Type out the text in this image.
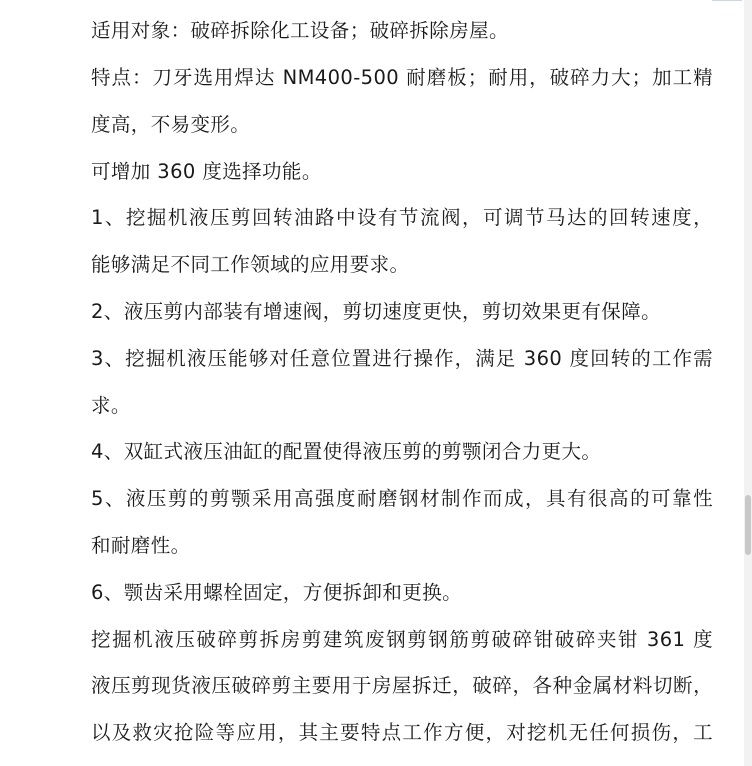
适用对象：破碎拆除化工设备；破碎拆除房屋。
特点：刀牙选用焊达 NM400-500 耐磨板；耐用，破碎力大；加工精
度高，不易变形。
可增加 360 度选择功能。
1、挖掘机液压剪回转油路中设有节流阀，可调节马达的回转速度，
能够满足不同工作领域的应用要求。
2、液压剪内部装有增速阀，剪切速度更快，剪切效果更有保障。
3、挖掘机液压能够对任意位置进行操作，满足 360 度回转的工作需
求。
4、双缸式液压油缸的配置使得液压剪的剪颚闭合力更大。
5、液压剪的剪颚采用高强度耐磨钢材制作而成，具有很高的可靠性
和耐磨性。
6、颚齿采用螺栓固定，方便拆卸和更换。
挖掘机液压破碎剪拆房剪建筑废钢剪钢筋剪破碎钳破碎夹钳 361 度
液压剪现货液压破碎剪主要用于房屋拆迁，破碎，各种金属材料切断，
以及救灾抢险等应用，其主要特点工作方便，对挖机无任何损伤，工
